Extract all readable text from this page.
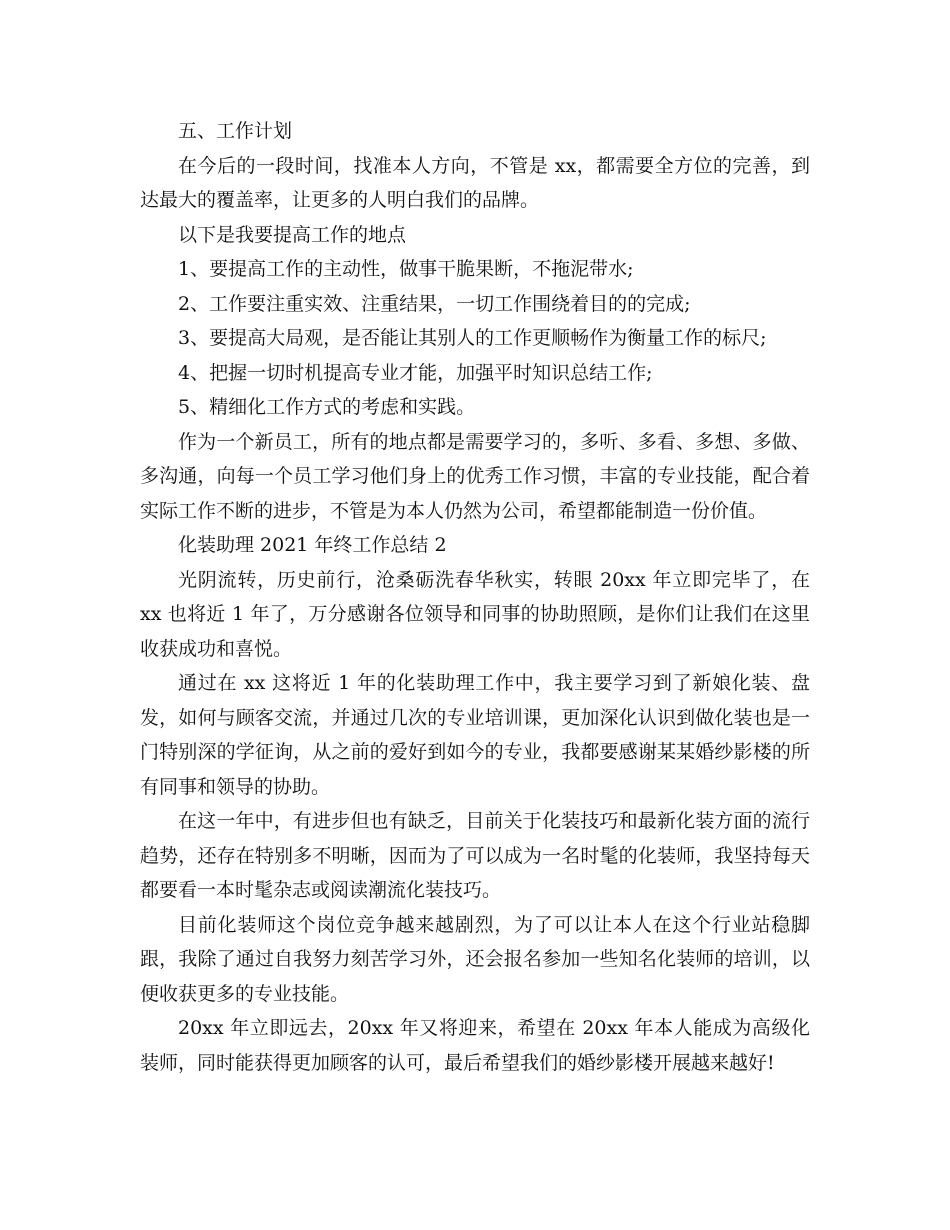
五、工作计划

在今后的一段时间，找准本人方向，不管是 xx，都需要全方位的完善，到达最大的覆盖率，让更多的人明白我们的品牌。

以下是我要提高工作的地点

1、要提高工作的主动性，做事干脆果断，不拖泥带水;

2、工作要注重实效、注重结果，一切工作围绕着目的的完成;

3、要提高大局观，是否能让其别人的工作更顺畅作为衡量工作的标尺;

4、把握一切时机提高专业才能，加强平时知识总结工作;

5、精细化工作方式的考虑和实践。

作为一个新员工，所有的地点都是需要学习的，多听、多看、多想、多做、多沟通，向每一个员工学习他们身上的优秀工作习惯，丰富的专业技能，配合着实际工作不断的进步，不管是为本人仍然为公司，希望都能制造一份价值。

化装助理 2021 年终工作总结 2

光阴流转，历史前行，沧桑砺洗春华秋实，转眼 20xx 年立即完毕了，在 xx 也将近 1 年了，万分感谢各位领导和同事的协助照顾，是你们让我们在这里收获成功和喜悦。

通过在 xx 这将近 1 年的化装助理工作中，我主要学习到了新娘化装、盘发，如何与顾客交流，并通过几次的专业培训课，更加深化认识到做化装也是一门特别深的学征询，从之前的爱好到如今的专业，我都要感谢某某婚纱影楼的所有同事和领导的协助。

在这一年中，有进步但也有缺乏，目前关于化装技巧和最新化装方面的流行趋势，还存在特别多不明晰，因而为了可以成为一名时髦的化装师，我坚持每天都要看一本时髦杂志或阅读潮流化装技巧。

目前化装师这个岗位竞争越来越剧烈，为了可以让本人在这个行业站稳脚跟，我除了通过自我努力刻苦学习外，还会报名参加一些知名化装师的培训，以便收获更多的专业技能。

20xx 年立即远去，20xx 年又将迎来，希望在 20xx 年本人能成为高级化装师，同时能获得更加顾客的认可，最后希望我们的婚纱影楼开展越来越好!
